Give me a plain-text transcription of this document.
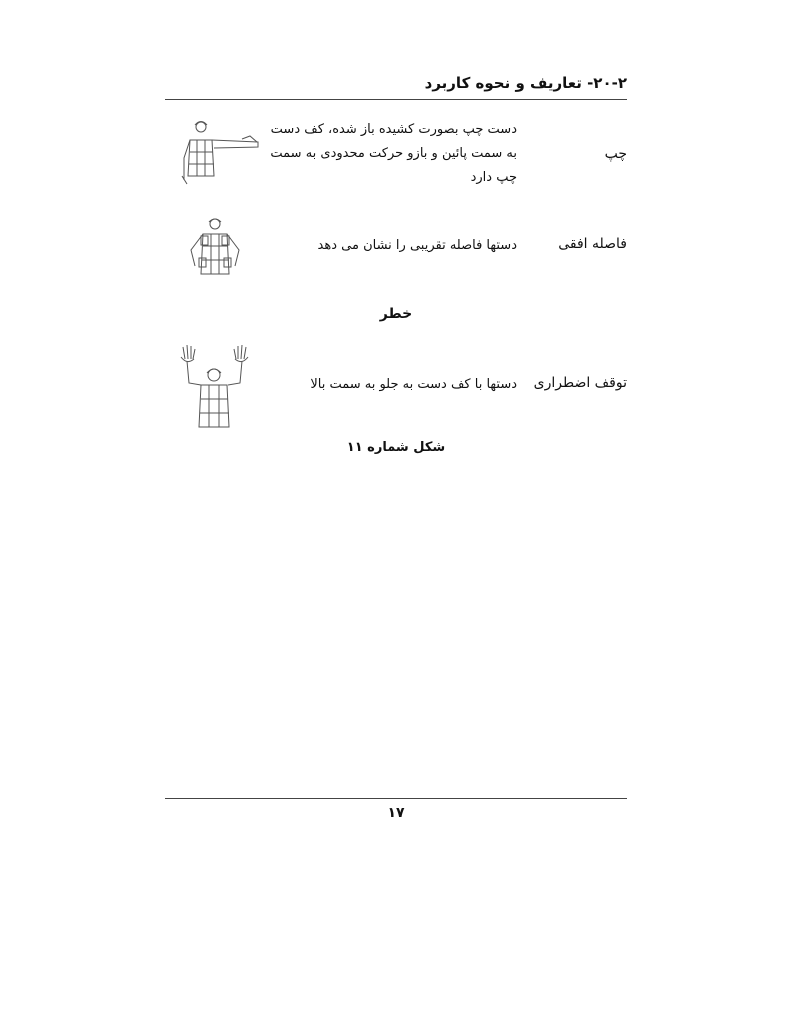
۲۰-۲- تعاریف و نحوه کاربرد
چپ
دست چپ بصورت کشیده باز شده، کف دست به سمت پائین و بازو حرکت محدودی به سمت چپ دارد
فاصله افقی
دستها فاصله تقریبی را نشان می دهد
خطر
توقف اضطراری
دستها با کف دست به جلو به سمت بالا
شکل شماره ۱۱
۱۷
